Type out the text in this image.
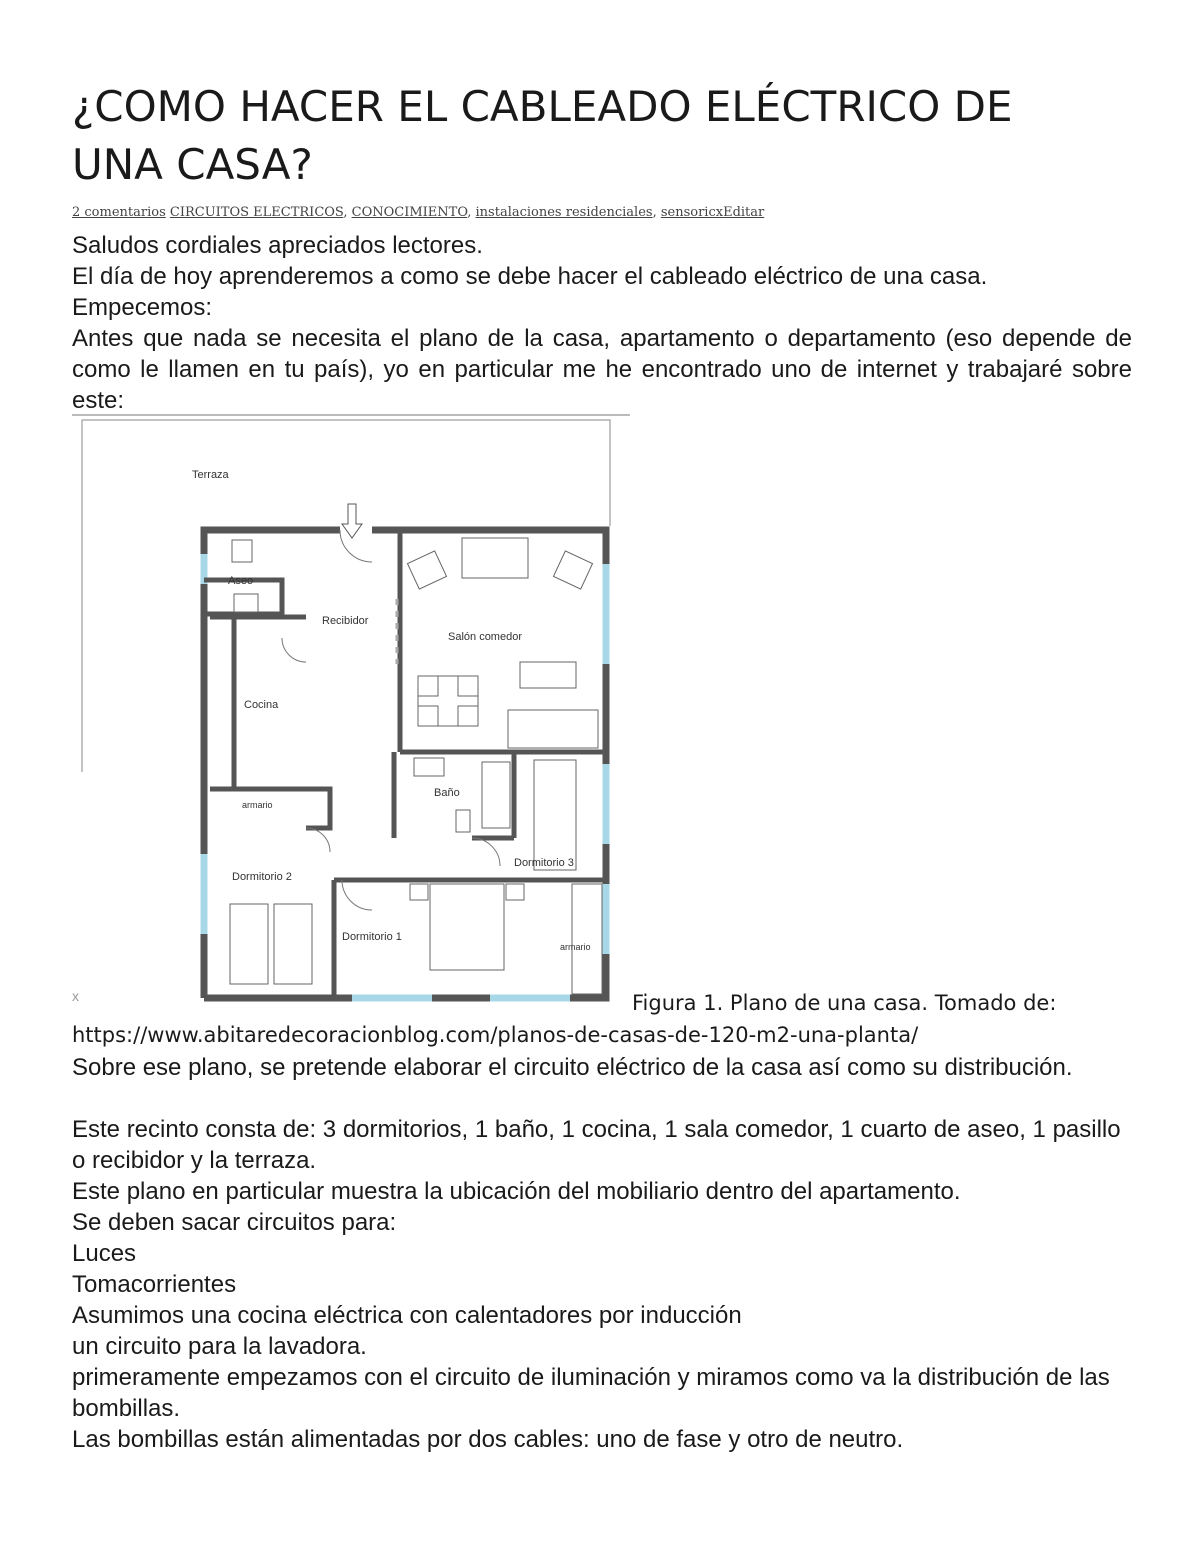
¿COMO HACER EL CABLEADO ELÉCTRICO DE UNA CASA?
2 comentarios CIRCUITOS ELECTRICOS, CONOCIMIENTO, instalaciones residenciales, sensoricxEditar

Saludos cordiales apreciados lectores.

El día de hoy aprenderemos a como se debe hacer el cableado eléctrico de una casa.

Empecemos:

Antes que nada se necesita el plano de la casa, apartamento o departamento (eso depende de como le llamen en tu país), yo en particular me he encontrado uno de internet y trabajaré sobre este:

Terraza
Aseo
Recibidor
Salón comedor
Cocina
armario
Baño
Dormitorio 3
Dormitorio 2
Dormitorio 1
armario
x	Figura 1. Plano de una casa. Tomado de:
https://www.abitaredecoracionblog.com/planos-de-casas-de-120-m2-una-planta/

Sobre ese plano, se pretende elaborar el circuito eléctrico de la casa así como su distribución.

Este recinto consta de: 3 dormitorios, 1 baño, 1 cocina, 1 sala comedor, 1 cuarto de aseo, 1 pasillo o recibidor y la terraza.

Este plano en particular muestra la ubicación del mobiliario dentro del apartamento.

Se deben sacar circuitos para:

Luces

Tomacorrientes

Asumimos una cocina eléctrica con calentadores por inducción

un circuito para la lavadora.

primeramente empezamos con el circuito de iluminación y miramos como va la distribución de las bombillas.

Las bombillas están alimentadas por dos cables: uno de fase y otro de neutro.
